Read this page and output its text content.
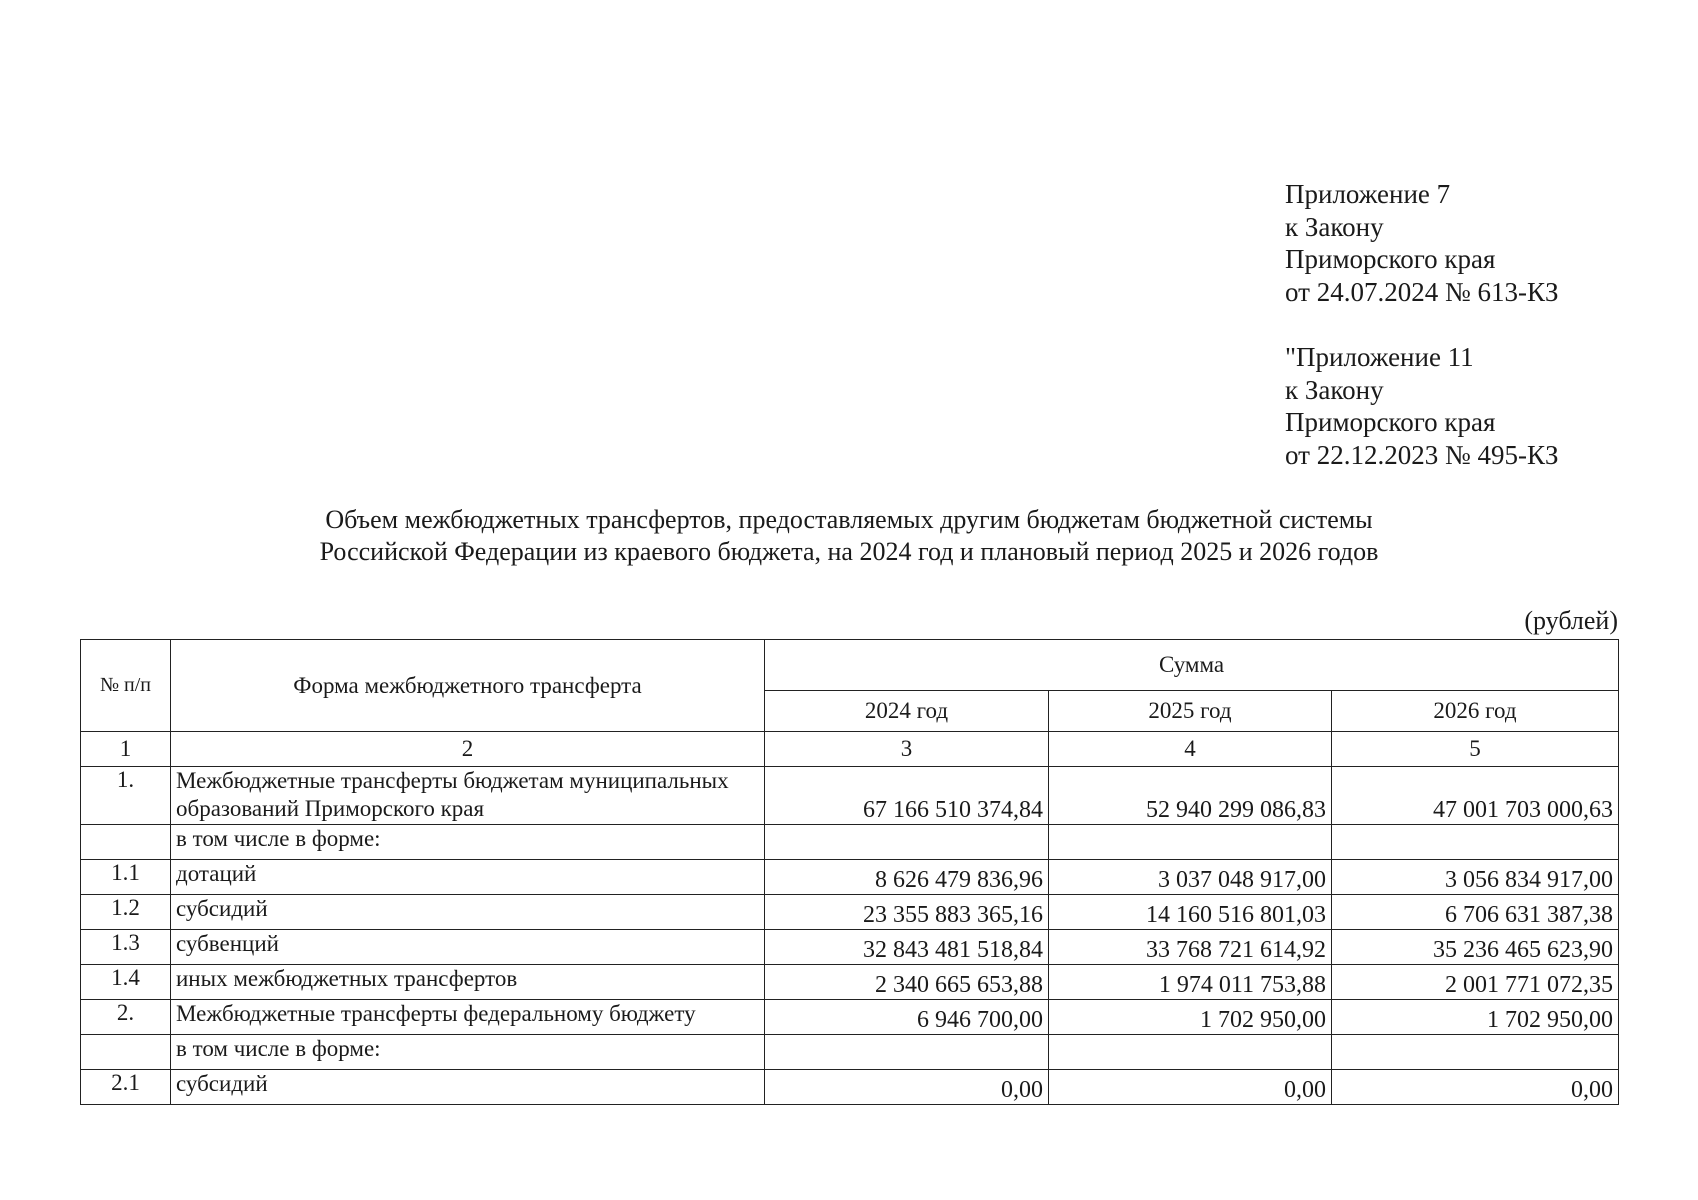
Приложение 7
к Закону
Приморского края
от 24.07.2024 № 613-КЗ
"Приложение 11
к Закону
Приморского края
от 22.12.2023 № 495-КЗ
Объем межбюджетных трансфертов, предоставляемых другим бюджетам бюджетной системы
Российской Федерации из краевого бюджета, на 2024 год и плановый период 2025 и 2026 годов
(рублей)
№ п/п	Форма межбюджетного трансферта	Сумма		
		2024 год	2025 год	2026 год
1	2	3	4	5
1.	Межбюджетные трансферты бюджетам муниципальных образований Приморского края	67 166 510 374,84	52 940 299 086,83	47 001 703 000,63
	в том числе в форме:			
1.1	дотаций	8 626 479 836,96	3 037 048 917,00	3 056 834 917,00
1.2	субсидий	23 355 883 365,16	14 160 516 801,03	6 706 631 387,38
1.3	субвенций	32 843 481 518,84	33 768 721 614,92	35 236 465 623,90
1.4	иных межбюджетных трансфертов	2 340 665 653,88	1 974 011 753,88	2 001 771 072,35
2.	Межбюджетные трансферты федеральному бюджету	6 946 700,00	1 702 950,00	1 702 950,00
	в том числе в форме:			
2.1	субсидий	0,00	0,00	0,00
